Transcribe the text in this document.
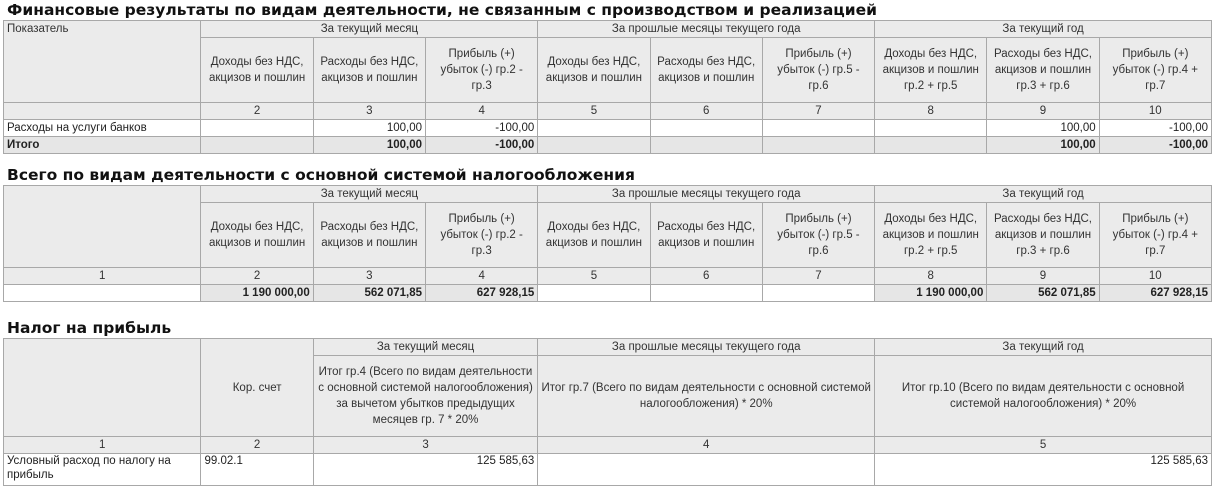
Финансовые результаты по видам деятельности, не связанным с производством и реализацией
Показатель	За текущий месяц			За прошлые месяцы текущего года			За текущий год		
	Доходы без НДС, акцизов и пошлин	Расходы без НДС, акцизов и пошлин	Прибыль (+) убыток (-) гр.2 - гр.3	Доходы без НДС, акцизов и пошлин	Расходы без НДС, акцизов и пошлин	Прибыль (+) убыток (-) гр.5 - гр.6	Доходы без НДС, акцизов и пошлин гр.2 + гр.5	Расходы без НДС, акцизов и пошлин гр.3 + гр.6	Прибыль (+) убыток (-) гр.4 + гр.7
	2	3	4	5	6	7	8	9	10
Расходы на услуги банков		100,00	-100,00					100,00	-100,00
Итого		100,00	-100,00					100,00	-100,00
Всего по видам деятельности с основной системой налогообложения
	За текущий месяц			За прошлые месяцы текущего года			За текущий год		
	Доходы без НДС, акцизов и пошлин	Расходы без НДС, акцизов и пошлин	Прибыль (+) убыток (-) гр.2 - гр.3	Доходы без НДС, акцизов и пошлин	Расходы без НДС, акцизов и пошлин	Прибыль (+) убыток (-) гр.5 - гр.6	Доходы без НДС, акцизов и пошлин гр.2 + гр.5	Расходы без НДС, акцизов и пошлин гр.3 + гр.6	Прибыль (+) убыток (-) гр.4 + гр.7
1	2	3	4	5	6	7	8	9	10
	1 190 000,00	562 071,85	627 928,15				1 190 000,00	562 071,85	627 928,15
Налог на прибыль
	Кор. счет	За текущий месяц	За прошлые месяцы текущего года	За текущий год
		Итог гр.4 (Всего по видам деятельности с основной системой налогообложения) за вычетом убытков предыдущих месяцев гр. 7 * 20%	Итог гр.7 (Всего по видам деятельности с основной системой налогообложения) * 20%	Итог гр.10 (Всего по видам деятельности с основной системой налогообложения) * 20%
1	2	3	4	5
Условный расход по налогу на прибыль	99.02.1	125 585,63		125 585,63
